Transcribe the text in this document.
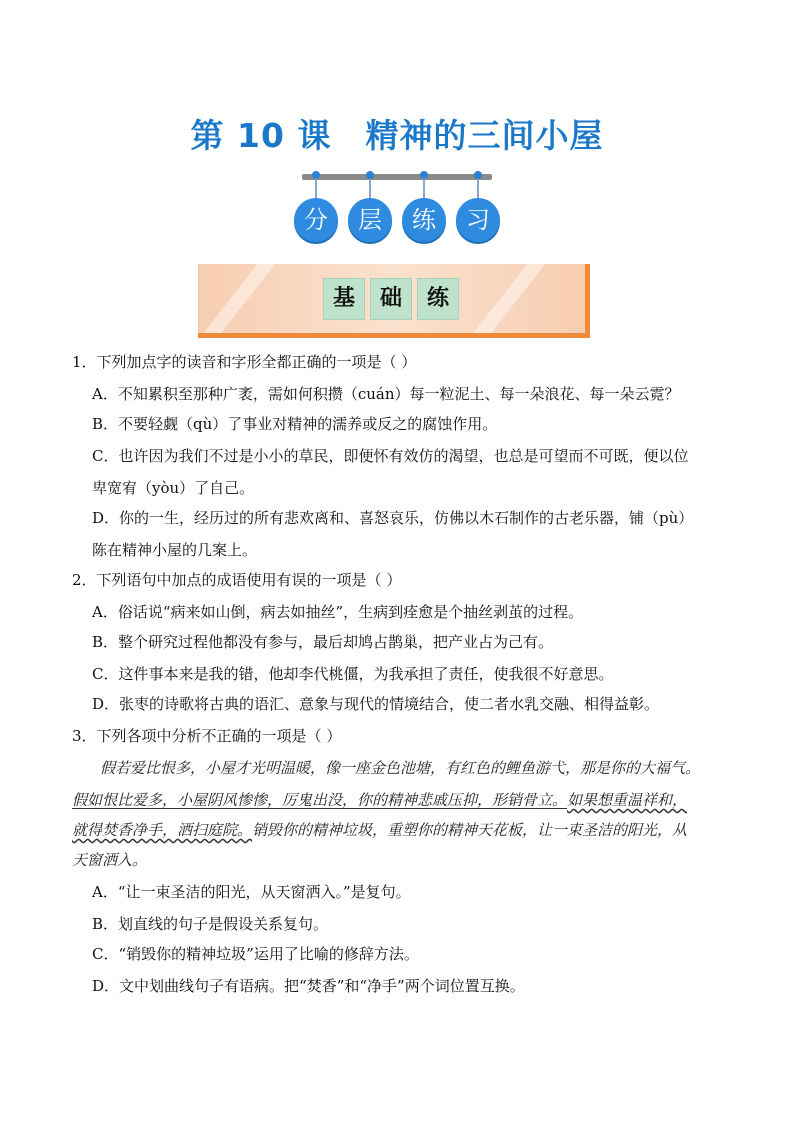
第 10 课 精神的三间小屋
分	层	练	习
基	础	练
1．下列加点字的读音和字形全都正确的一项是（ ）
A．不知累积至那种广袤，需如何积攒（cuán）每一粒泥土、每一朵浪花、每一朵云霓？
B．不要轻觑（qù）了事业对精神的濡养或反之的腐蚀作用。
C．也许因为我们不过是小小的草民，即便怀有效仿的渴望，也总是可望而不可既，便以位
卑宽宥（yòu）了自己。
D．你的一生，经历过的所有悲欢离和、喜怒哀乐，仿佛以木石制作的古老乐器，铺（pù）
陈在精神小屋的几案上。
2．下列语句中加点的成语使用有误的一项是（ ）
A．俗话说“病来如山倒，病去如抽丝”，生病到痊愈是个抽丝剥茧的过程。
B．整个研究过程他都没有参与，最后却鸠占鹊巢，把产业占为己有。
C．这件事本来是我的错，他却李代桃僵，为我承担了责任，使我很不好意思。
D．张枣的诗歌将古典的语汇、意象与现代的情境结合，使二者水乳交融、相得益彰。
3．下列各项中分析不正确的一项是（ ）
假若爱比恨多，小屋才光明温暖，像一座金色池塘，有红色的鲤鱼游弋，那是你的大福气。
假如恨比爱多，小屋阴风惨惨，厉鬼出没，你的精神悲戚压抑，形销骨立。如果想重温祥和，
就得焚香净手，洒扫庭院。销毁你的精神垃圾，重塑你的精神天花板，让一束圣洁的阳光，从
天窗洒入。
A．“让一束圣洁的阳光，从天窗洒入。”是复句。
B．划直线的句子是假设关系复句。
C．“销毁你的精神垃圾”运用了比喻的修辞方法。
D．文中划曲线句子有语病。把“焚香”和“净手”两个词位置互换。
